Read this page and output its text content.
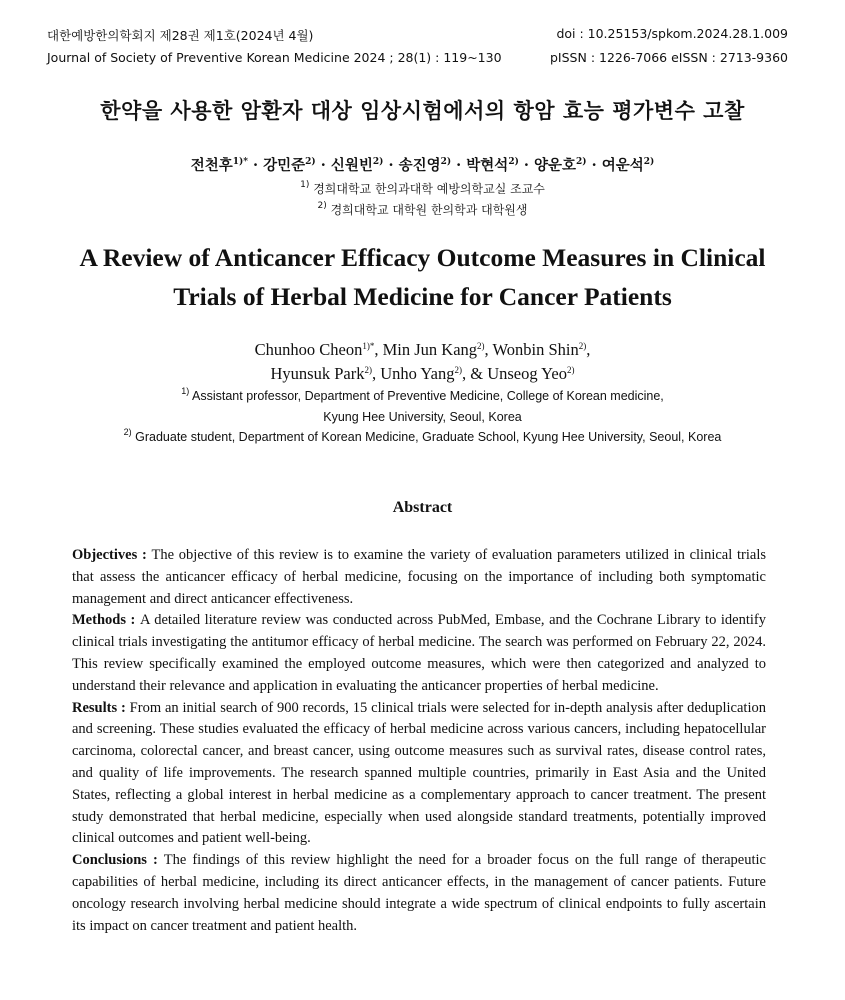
대한예방한의학회지 제28권 제1호(2024년 4월)
Journal of Society of Preventive Korean Medicine 2024 ; 28(1) : 119~130
doi : 10.25153/spkom.2024.28.1.009
pISSN : 1226-7066 eISSN : 2713-9360
한약을 사용한 암환자 대상 임상시험에서의 항암 효능 평가변수 고찰
전천후$^{1)*}$ · 강민준$^{2)}$ · 신원빈$^{2)}$ · 송진영$^{2)}$ · 박현석$^{2)}$ · 양운호$^{2)}$ · 여운석$^{2)}$
$^{1)}$ 경희대학교 한의과대학 예방의학교실 조교수
$^{2)}$ 경희대학교 대학원 한의학과 대학원생
A Review of Anticancer Efficacy Outcome Measures in Clinical
Trials of Herbal Medicine for Cancer Patients
Chunhoo Cheon$^{1)*}$, Min Jun Kang$^{2)}$, Wonbin Shin$^{2)}$,
Hyunsuk Park$^{2)}$, Unho Yang$^{2)}$, & Unseog Yeo$^{2)}$
$^{1)}$ Assistant professor, Department of Preventive Medicine, College of Korean medicine,
Kyung Hee University, Seoul, Korea
$^{2)}$ Graduate student, Department of Korean Medicine, Graduate School, Kyung Hee University, Seoul, Korea
Abstract

Objectives : The objective of this review is to examine the variety of evaluation parameters utilized in clinical trials that assess the anticancer efficacy of herbal medicine, focusing on the importance of including both symptomatic management and direct anticancer effectiveness.

Methods : A detailed literature review was conducted across PubMed, Embase, and the Cochrane Library to identify clinical trials investigating the antitumor efficacy of herbal medicine. The search was performed on February 22, 2024. This review specifically examined the employed outcome measures, which were then categorized and analyzed to understand their relevance and application in evaluating the anticancer properties of herbal medicine.

Results : From an initial search of 900 records, 15 clinical trials were selected for in-depth analysis after deduplication and screening. These studies evaluated the efficacy of herbal medicine across various cancers, including hepatocellular carcinoma, colorectal cancer, and breast cancer, using outcome measures such as survival rates, disease control rates, and quality of life improvements. The research spanned multiple countries, primarily in East Asia and the United States, reflecting a global interest in herbal medicine as a complementary approach to cancer treatment. The present study demonstrated that herbal medicine, especially when used alongside standard treatments, potentially improved clinical outcomes and patient well-being.

Conclusions : The findings of this review highlight the need for a broader focus on the full range of therapeutic capabilities of herbal medicine, including its direct anticancer effects, in the management of cancer patients. Future oncology research involving herbal medicine should integrate a wide spectrum of clinical endpoints to fully ascertain its impact on cancer treatment and patient health.
